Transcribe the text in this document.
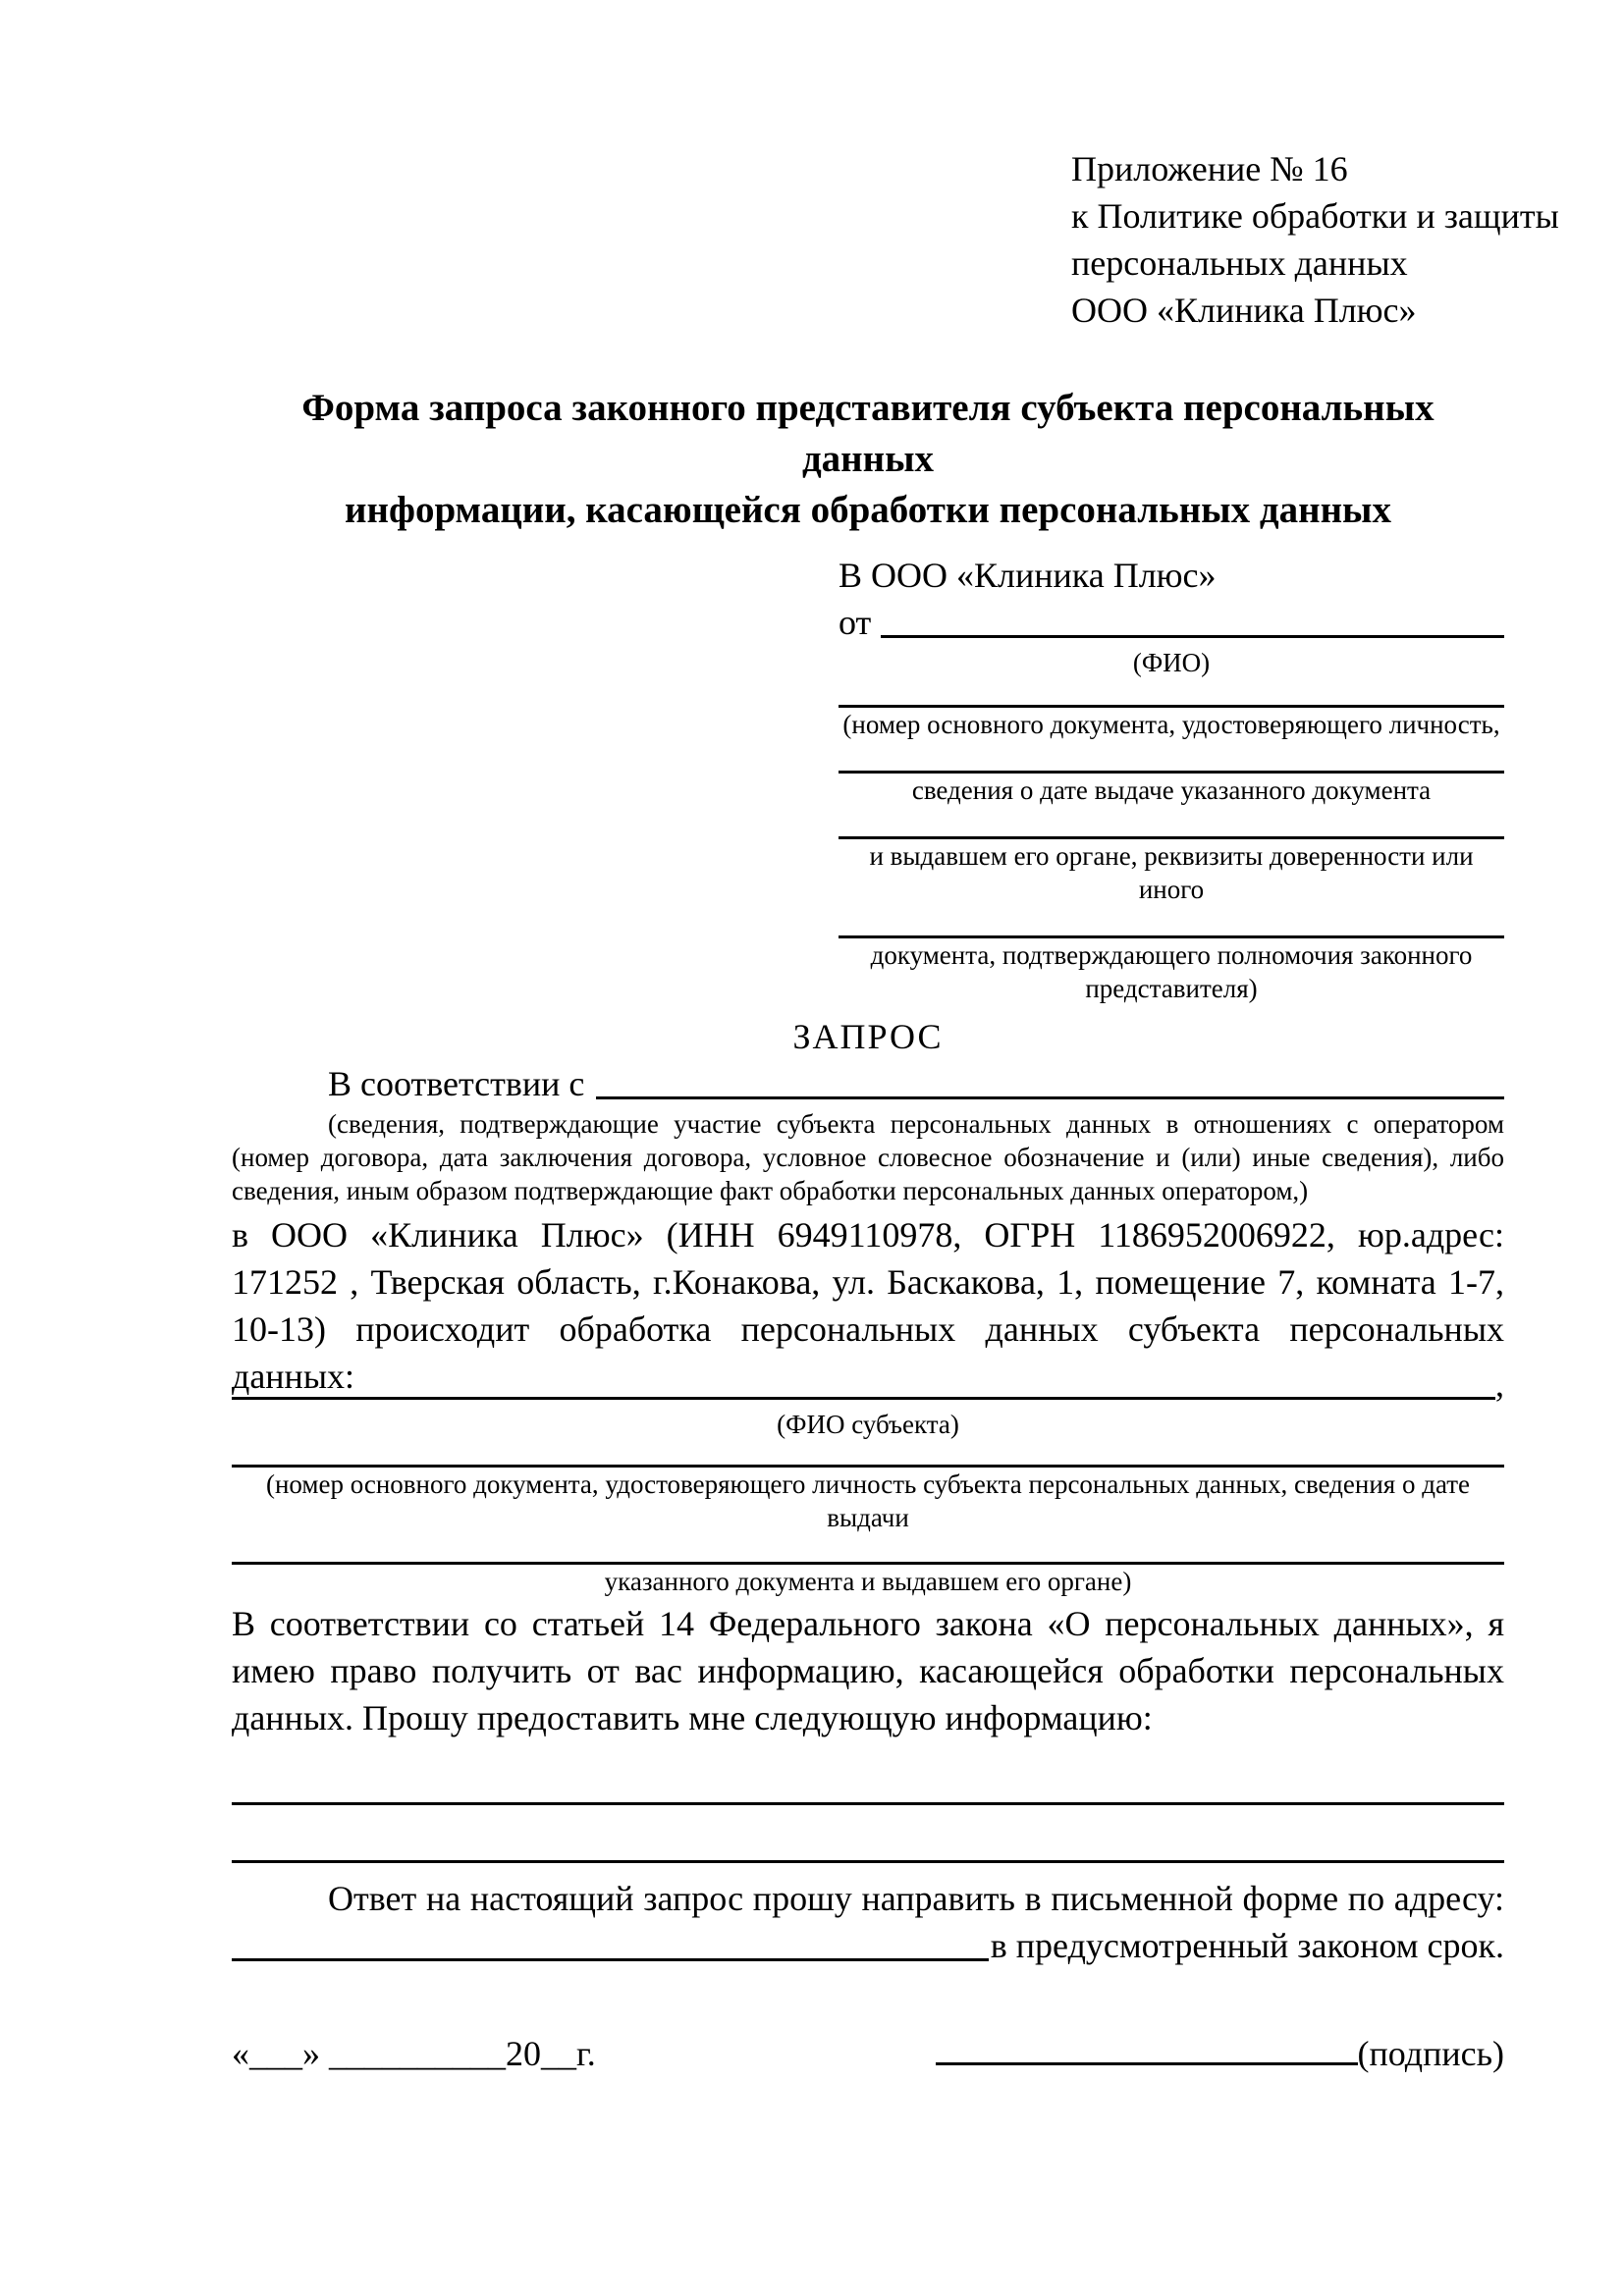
Приложение № 16
к Политике обработки и защиты
персональных данных
ООО «Клиника Плюс»
Форма запроса законного представителя субъекта персональных данных
информации, касающейся обработки персональных данных
В ООО «Клиника Плюс»
от
(ФИО)
(номер основного документа, удостоверяющего личность,
сведения о дате выдаче указанного документа
и выдавшем его органе, реквизиты доверенности или иного
документа, подтверждающего полномочия законного представителя)
ЗАПРОС
В соответствии с

(сведения, подтверждающие участие субъекта персональных данных в отношениях с оператором (номер договора, дата заключения договора, условное словесное обозначение и (или) иные сведения), либо сведения, иным образом подтверждающие факт обработки персональных данных оператором,)

в ООО «Клиника Плюс» (ИНН 6949110978, ОГРН 1186952006922, юр.адрес: 171252 , Тверская область, г.Конакова, ул. Баскакова, 1, помещение 7, комната 1-7, 10-13) происходит обработка персональных данных субъекта персональных данных:	,
(ФИО субъекта)
(номер основного документа, удостоверяющего личность субъекта персональных данных, сведения о дате выдачи
указанного документа и выдавшем его органе)

В соответствии со статьей 14 Федерального закона «О персональных данных», я имею право получить от вас информацию, касающейся обработки персональных данных. Прошу предоставить мне следующую информацию:

Ответ на настоящий запрос прошу направить в письменной форме по адресу:

в предусмотренный законом срок.
«___» __________20__г.	(подпись)
